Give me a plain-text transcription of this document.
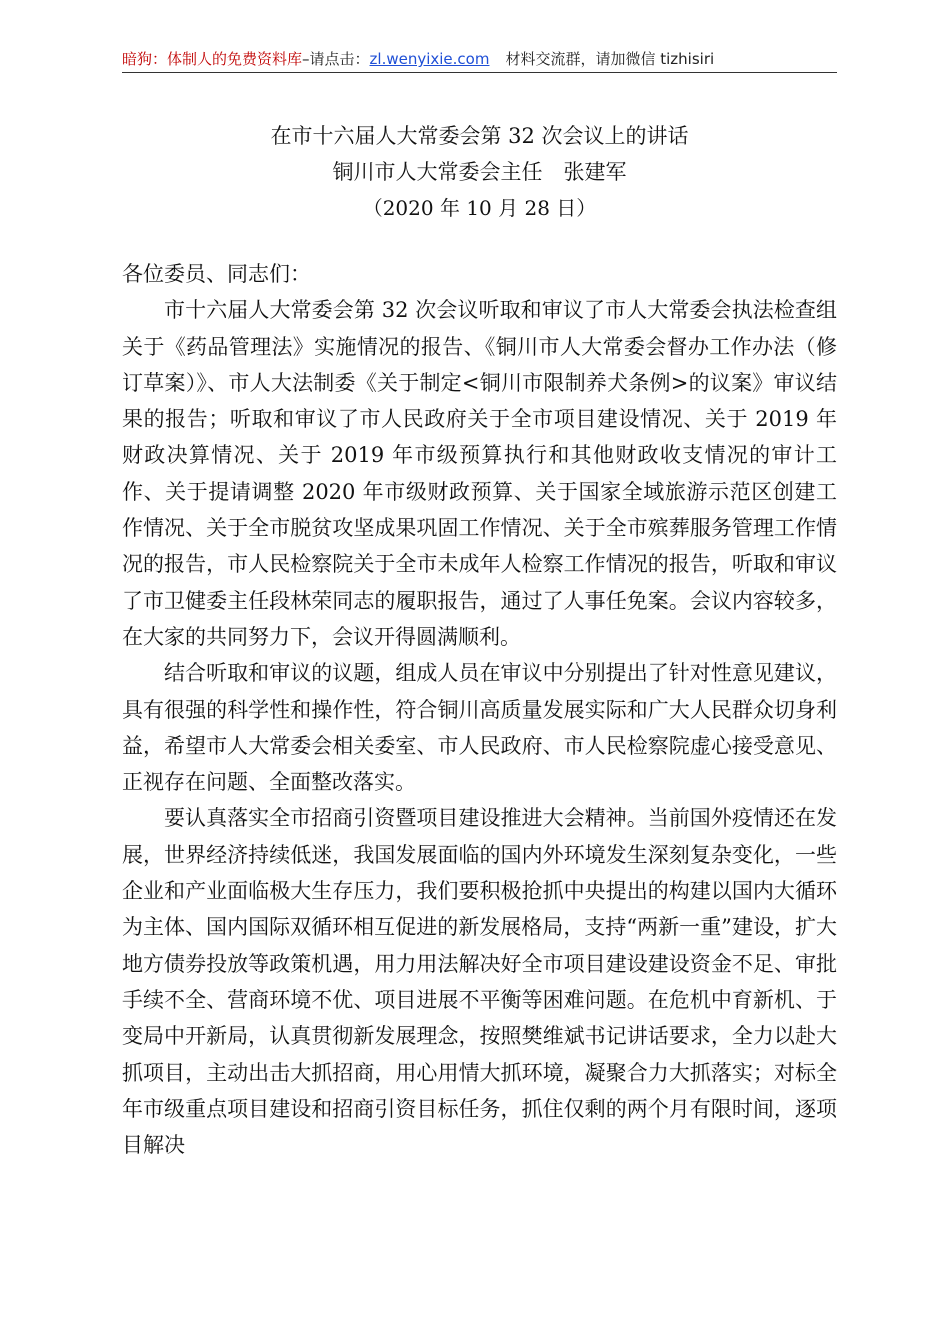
暗狗：体制人的免费资料库–请点击：zl.wenyixie.com 材料交流群，请加微信 tizhisiri
在市十六届人大常委会第 32 次会议上的讲话
铜川市人大常委会主任　张建军
（2020 年 10 月 28 日）

各位委员、同志们：

市十六届人大常委会第 32 次会议听取和审议了市人大常委会执法检查组关于《药品管理法》实施情况的报告、《铜川市人大常委会督办工作办法（修订草案）》、市人大法制委《关于制定<铜川市限制养犬条例>的议案》审议结果的报告；听取和审议了市人民政府关于全市项目建设情况、关于 2019 年财政决算情况、关于 2019 年市级预算执行和其他财政收支情况的审计工作、关于提请调整 2020 年市级财政预算、关于国家全域旅游示范区创建工作情况、关于全市脱贫攻坚成果巩固工作情况、关于全市殡葬服务管理工作情况的报告，市人民检察院关于全市未成年人检察工作情况的报告，听取和审议了市卫健委主任段林荣同志的履职报告，通过了人事任免案。会议内容较多，在大家的共同努力下，会议开得圆满顺利。

结合听取和审议的议题，组成人员在审议中分别提出了针对性意见建议，具有很强的科学性和操作性，符合铜川高质量发展实际和广大人民群众切身利益，希望市人大常委会相关委室、市人民政府、市人民检察院虚心接受意见、正视存在问题、全面整改落实。

要认真落实全市招商引资暨项目建设推进大会精神。当前国外疫情还在发展，世界经济持续低迷，我国发展面临的国内外环境发生深刻复杂变化，一些企业和产业面临极大生存压力，我们要积极抢抓中央提出的构建以国内大循环为主体、国内国际双循环相互促进的新发展格局，支持“两新一重”建设，扩大地方债券投放等政策机遇，用力用法解决好全市项目建设建设资金不足、审批手续不全、营商环境不优、项目进展不平衡等困难问题。在危机中育新机、于变局中开新局，认真贯彻新发展理念，按照樊维斌书记讲话要求，全力以赴大抓项目，主动出击大抓招商，用心用情大抓环境，凝聚合力大抓落实；对标全年市级重点项目建设和招商引资目标任务，抓住仅剩的两个月有限时间，逐项目解决
